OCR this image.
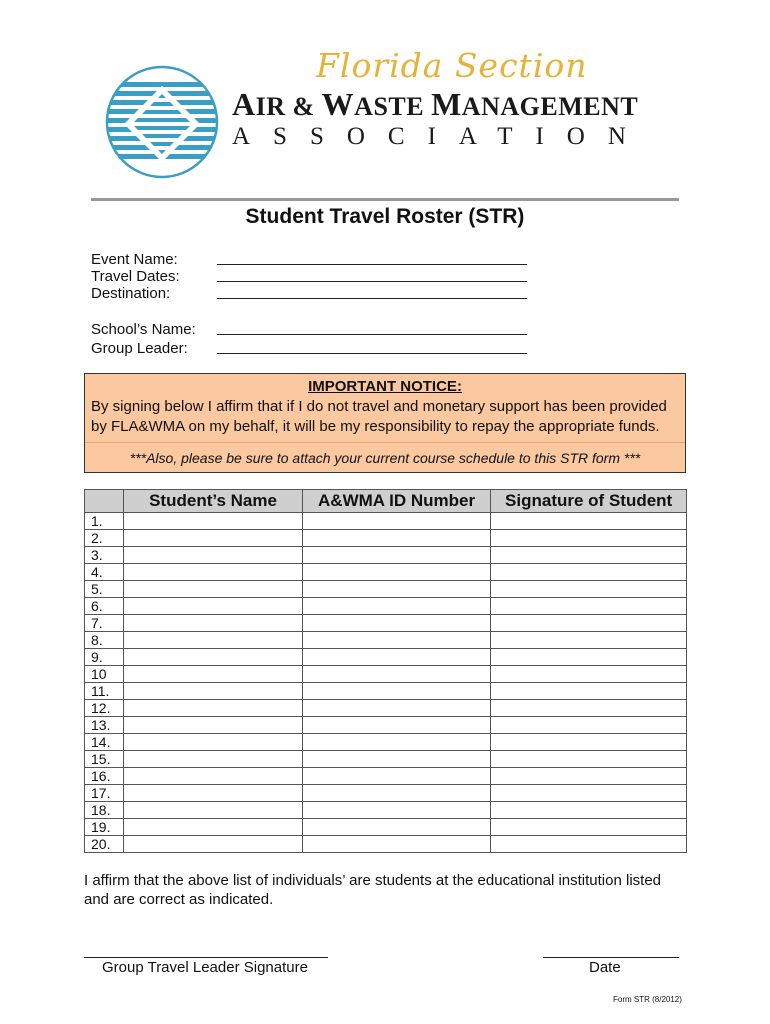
Florida Section
AIR & WASTE MANAGEMENT
ASSOCIATION
Student Travel Roster (STR)
Event Name:
Travel Dates:
Destination:
School’s Name:
Group Leader:
IMPORTANT NOTICE:
By signing below I affirm that if I do not travel and monetary support has been provided by FLA&WMA on my behalf, it will be my responsibility to repay the appropriate funds.
***Also, please be sure to attach your current course schedule to this STR form ***
	Student’s Name	A&WMA ID Number	Signature of Student
1.			
2.			
3.			
4.			
5.			
6.			
7.			
8.			
9.			
10			
11.			
12.			
13.			
14.			
15.			
16.			
17.			
18.			
19.			
20.			
I affirm that the above list of individuals’ are students at the educational institution listed and are correct as indicated.
Group Travel Leader Signature	Date
Form STR (8/2012)
